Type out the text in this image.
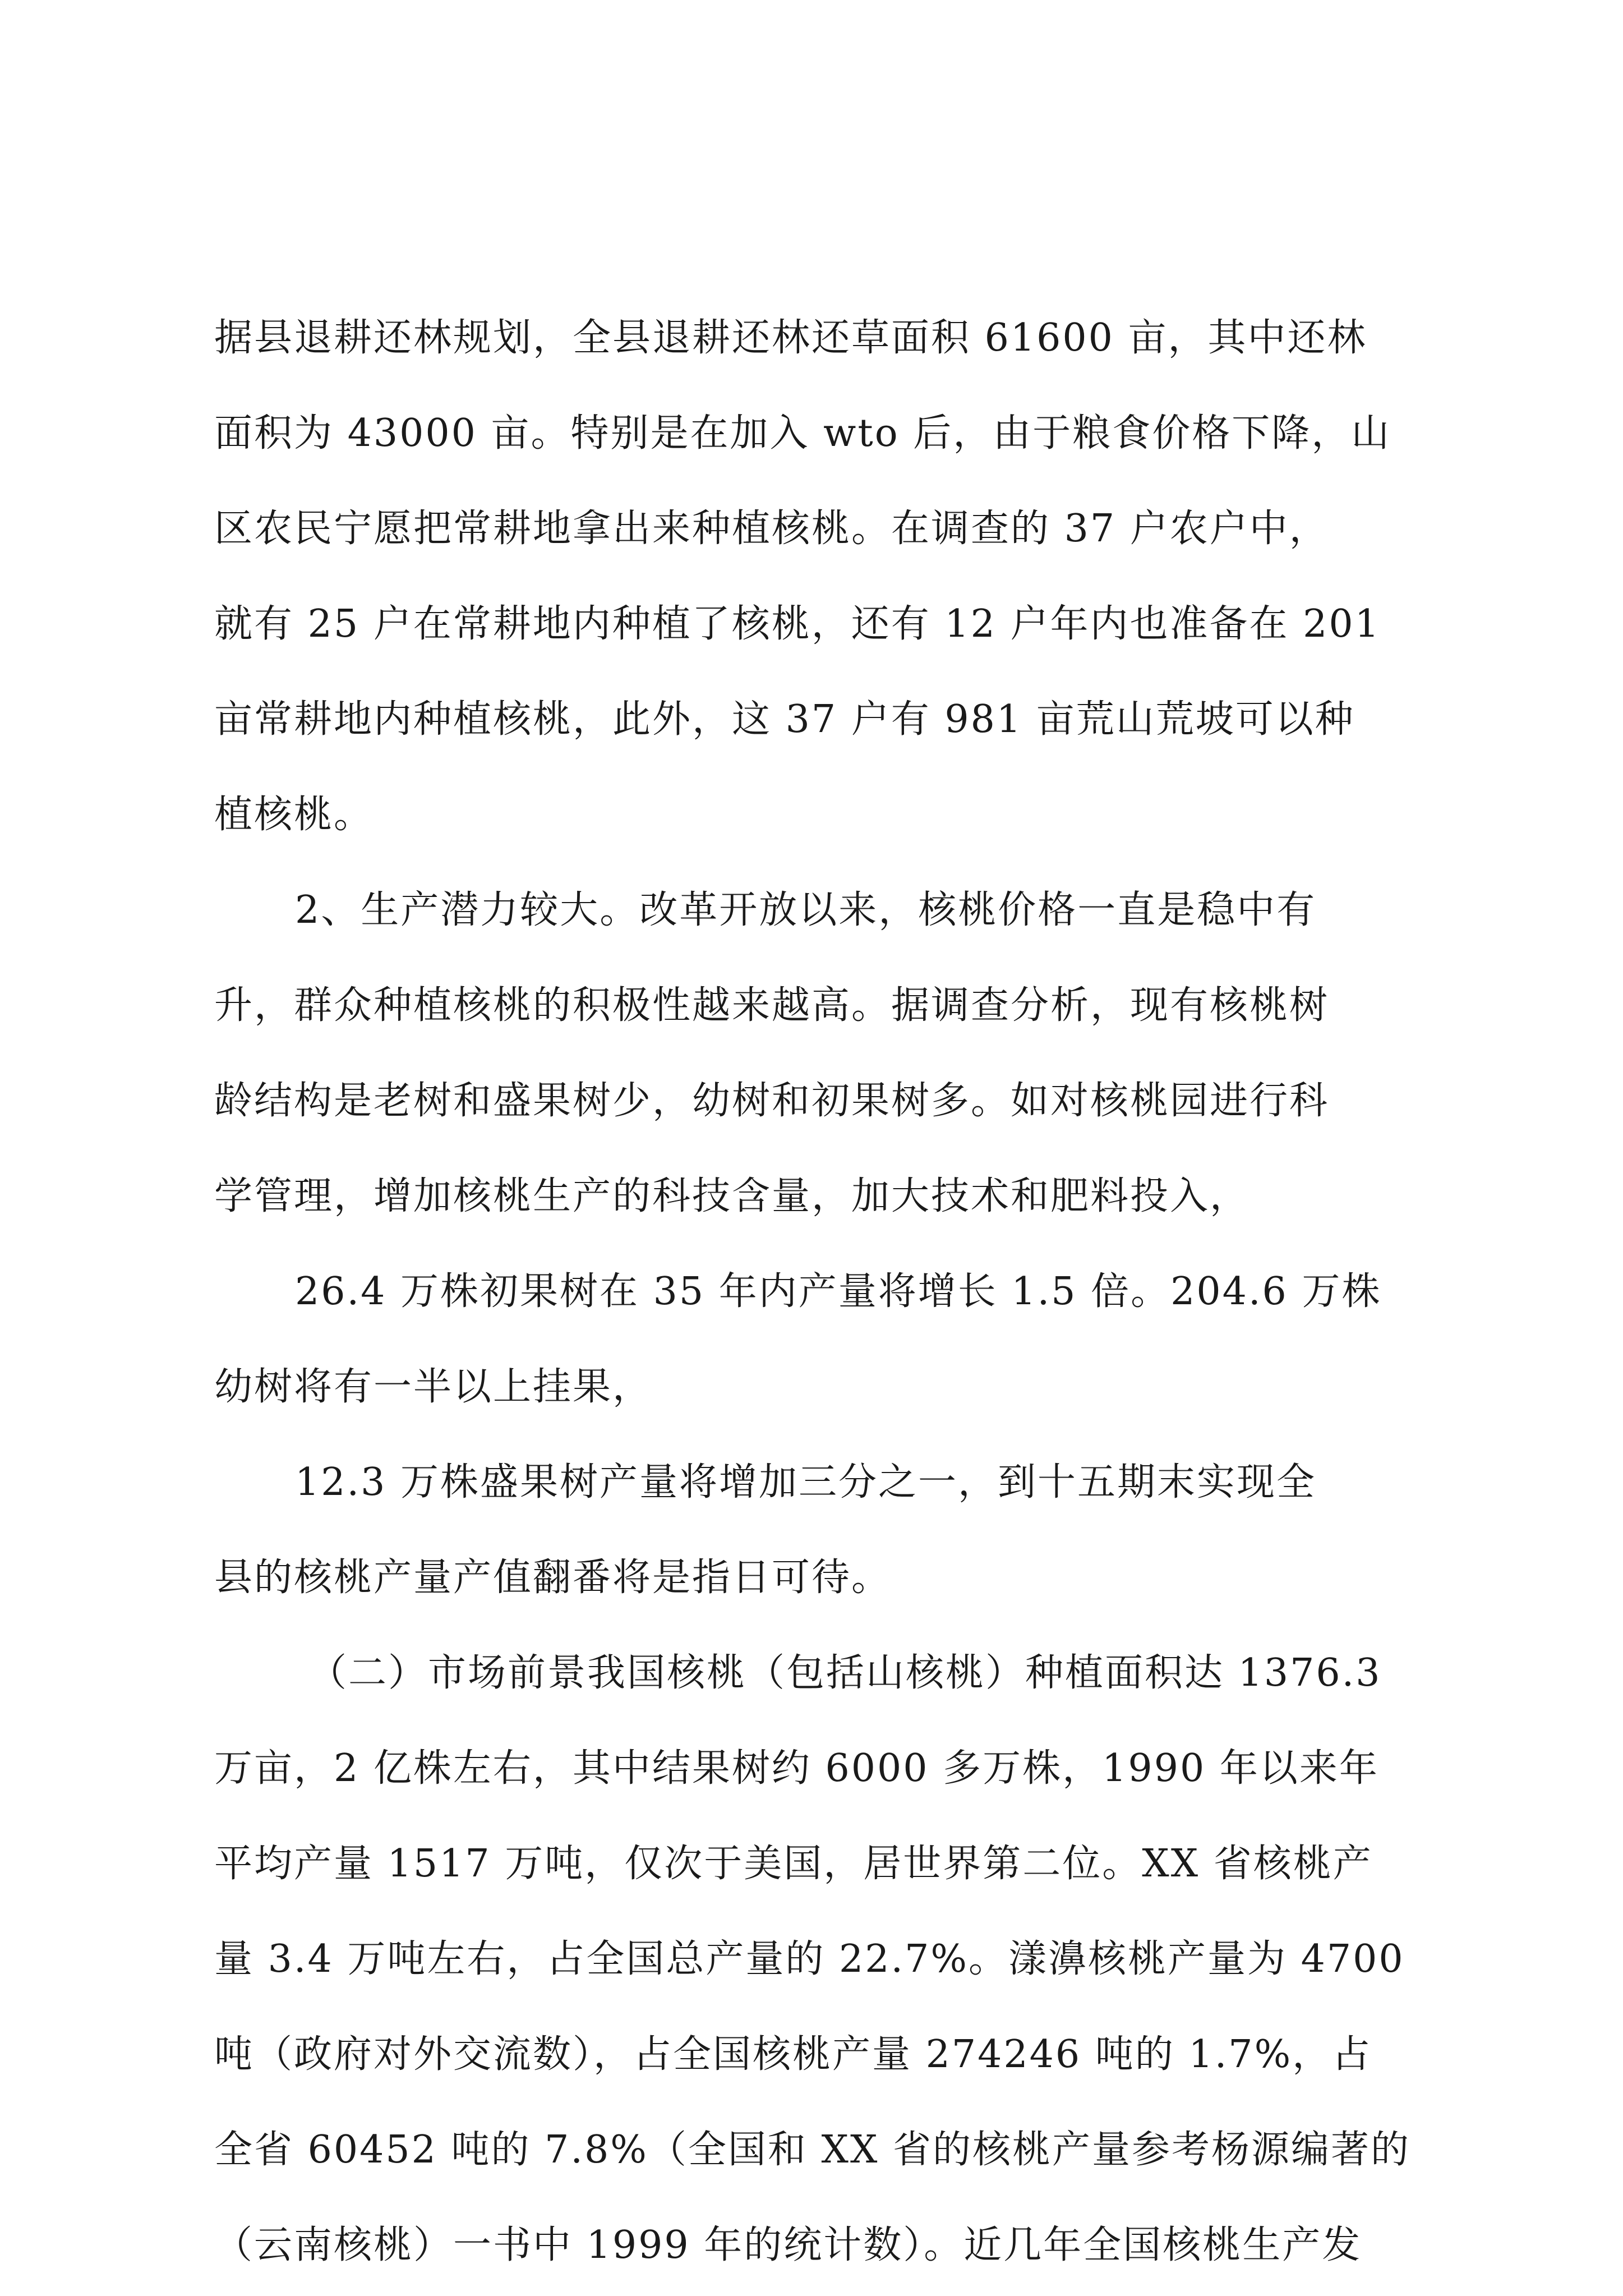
据县退耕还林规划，全县退耕还林还草面积 61600 亩，其中还林
面积为 43000 亩。特别是在加入 wto 后，由于粮食价格下降，山
区农民宁愿把常耕地拿出来种植核桃。在调查的 37 户农户中，
就有 25 户在常耕地内种植了核桃，还有 12 户年内也准备在 201
亩常耕地内种植核桃，此外，这 37 户有 981 亩荒山荒坡可以种
植核桃。
2、生产潜力较大。改革开放以来，核桃价格一直是稳中有
升，群众种植核桃的积极性越来越高。据调查分析，现有核桃树
龄结构是老树和盛果树少，幼树和初果树多。如对核桃园进行科
学管理，增加核桃生产的科技含量，加大技术和肥料投入，
26.4 万株初果树在 35 年内产量将增长 1.5 倍。204.6 万株
幼树将有一半以上挂果，
12.3 万株盛果树产量将增加三分之一，到十五期末实现全
县的核桃产量产值翻番将是指日可待。
（二）市场前景我国核桃（包括山核桃）种植面积达 1376.3
万亩，2 亿株左右，其中结果树约 6000 多万株，1990 年以来年
平均产量 1517 万吨，仅次于美国，居世界第二位。XX 省核桃产
量 3.4 万吨左右，占全国总产量的 22.7%。漾濞核桃产量为 4700
吨（政府对外交流数），占全国核桃产量 274246 吨的 1.7%，占
全省 60452 吨的 7.8%（全国和 XX 省的核桃产量参考杨源编著的
（云南核桃）一书中 1999 年的统计数）。近几年全国核桃生产发
